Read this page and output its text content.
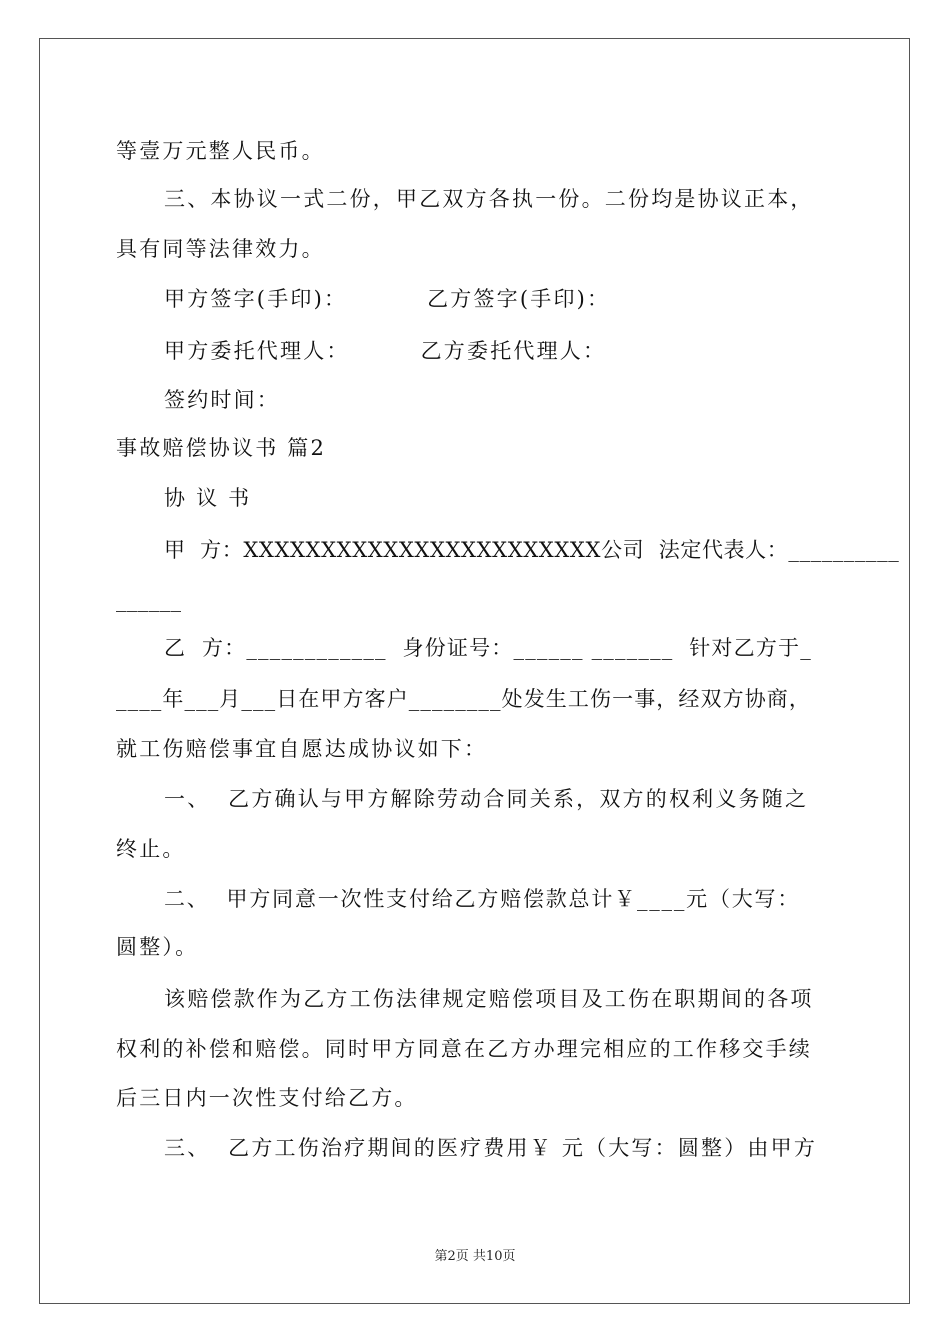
等壹万元整人民币。
三、本协议一式二份，甲乙双方各执一份。二份均是协议正本，
具有同等法律效力。
甲方签字(手印)：         乙方签字(手印)：
甲方委托代理人：        乙方委托代理人：
签约时间：
事故赔偿协议书 篇2
协 议 书
甲  方：XXXXXXXXXXXXXXXXXXXXXXX公司  法定代表人：__________
______
乙  方：____________  身份证号：______ _______  针对乙方于_
____年___月___日在甲方客户________处发生工伤一事，经双方协商，
就工伤赔偿事宜自愿达成协议如下：
一、  乙方确认与甲方解除劳动合同关系，双方的权利义务随之
终止。
二、  甲方同意一次性支付给乙方赔偿款总计￥____元（大写：
圆整）。
该赔偿款作为乙方工伤法律规定赔偿项目及工伤在职期间的各项
权利的补偿和赔偿。同时甲方同意在乙方办理完相应的工作移交手续
后三日内一次性支付给乙方。
三、  乙方工伤治疗期间的医疗费用￥ 元（大写：圆整）由甲方
第2页 共10页
